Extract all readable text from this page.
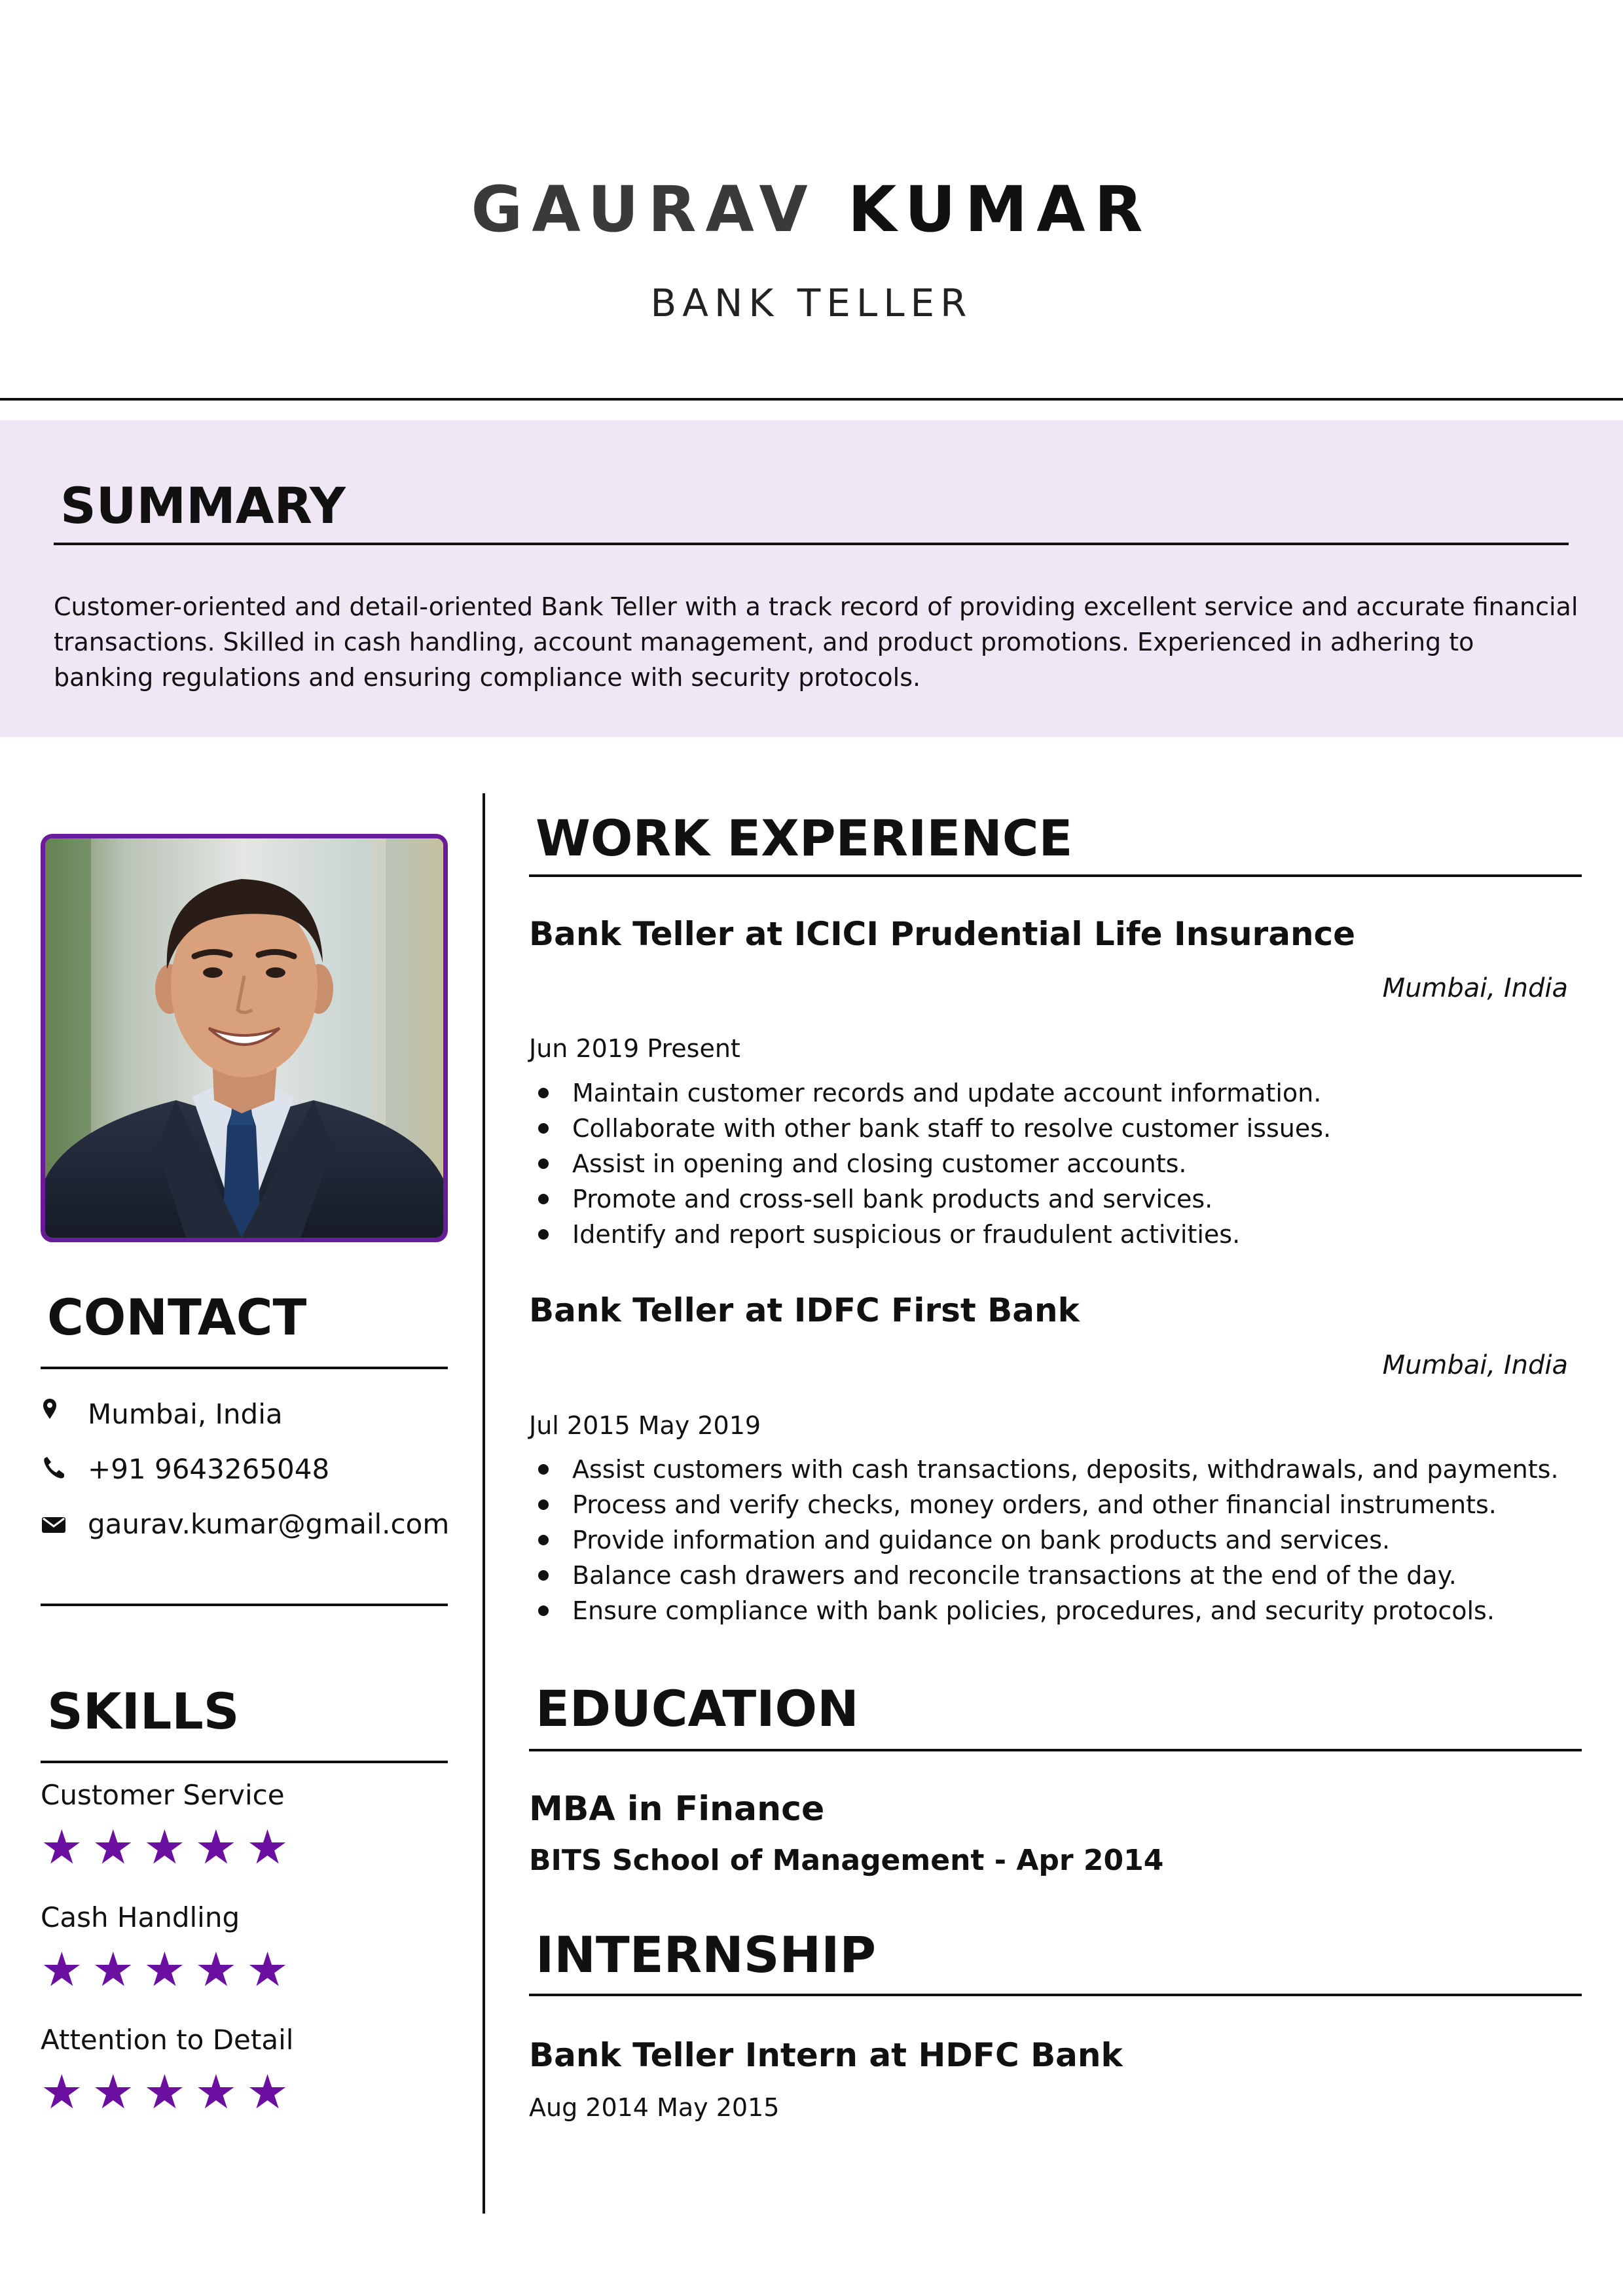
GAURAV KUMAR
BANK TELLER
SUMMARY
Customer-oriented and detail-oriented Bank Teller with a track record of providing excellent service and accurate financial transactions. Skilled in cash handling, account management, and product promotions. Experienced in adhering to banking regulations and ensuring compliance with security protocols.
CONTACT
Mumbai, India
+91 9643265048
gaurav.kumar@gmail.com
SKILLS
Customer Service
★★★★★
Cash Handling
★★★★★
Attention to Detail
★★★★★
WORK EXPERIENCE
Bank Teller at ICICI Prudential Life Insurance
Mumbai, India
Jun 2019 Present
Maintain customer records and update account information.
Collaborate with other bank staff to resolve customer issues.
Assist in opening and closing customer accounts.
Promote and cross-sell bank products and services.
Identify and report suspicious or fraudulent activities.
Bank Teller at IDFC First Bank
Mumbai, India
Jul 2015 May 2019
Assist customers with cash transactions, deposits, withdrawals, and payments.
Process and verify checks, money orders, and other financial instruments.
Provide information and guidance on bank products and services.
Balance cash drawers and reconcile transactions at the end of the day.
Ensure compliance with bank policies, procedures, and security protocols.
EDUCATION
MBA in Finance
BITS School of Management - Apr 2014
INTERNSHIP
Bank Teller Intern at HDFC Bank
Aug 2014 May 2015
